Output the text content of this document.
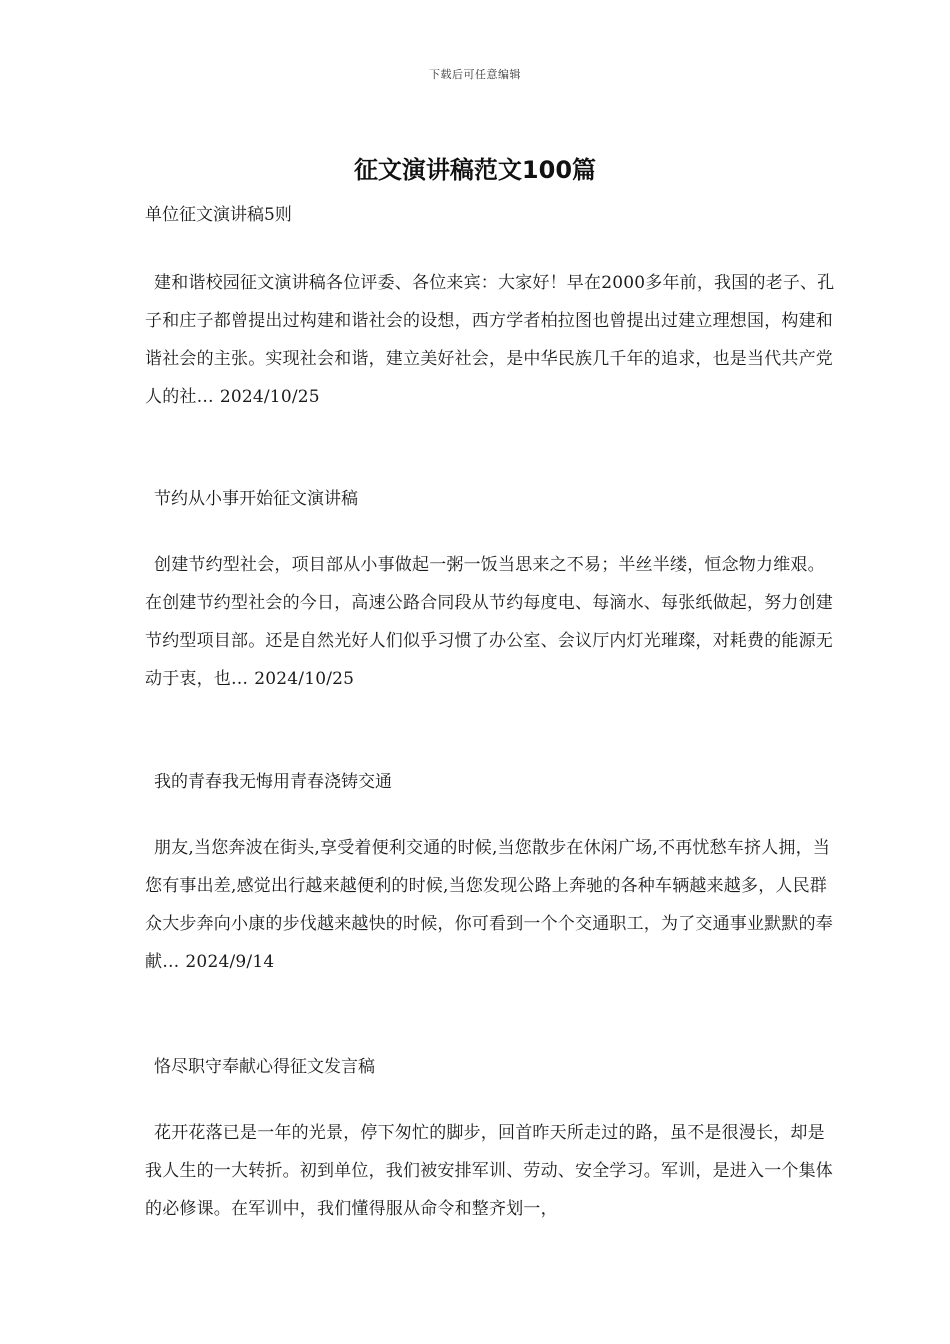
下载后可任意编辑
征文演讲稿范文100篇

单位征文演讲稿5则

建和谐校园征文演讲稿各位评委、各位来宾：大家好！早在2000多年前，我国的老子、孔子和庄子都曾提出过构建和谐社会的设想，西方学者柏拉图也曾提出过建立理想国，构建和谐社会的主张。实现社会和谐，建立美好社会，是中华民族几千年的追求，也是当代共产党人的社… 2024/10/25

节约从小事开始征文演讲稿

创建节约型社会，项目部从小事做起一粥一饭当思来之不易；半丝半缕，恒念物力维艰。在创建节约型社会的今日，高速公路合同段从节约每度电、每滴水、每张纸做起，努力创建节约型项目部。还是自然光好人们似乎习惯了办公室、会议厅内灯光璀璨，对耗费的能源无动于衷，也… 2024/10/25

我的青春我无悔用青春浇铸交通

朋友,当您奔波在街头,享受着便利交通的时候,当您散步在休闲广场,不再忧愁车挤人拥，当您有事出差,感觉出行越来越便利的时候,当您发现公路上奔驰的各种车辆越来越多，人民群众大步奔向小康的步伐越来越快的时候，你可看到一个个交通职工，为了交通事业默默的奉献… 2024/9/14

恪尽职守奉献心得征文发言稿

花开花落已是一年的光景，停下匆忙的脚步，回首昨天所走过的路，虽不是很漫长，却是我人生的一大转折。初到单位，我们被安排军训、劳动、安全学习。军训，是进入一个集体的必修课。在军训中，我们懂得服从命令和整齐划一，
